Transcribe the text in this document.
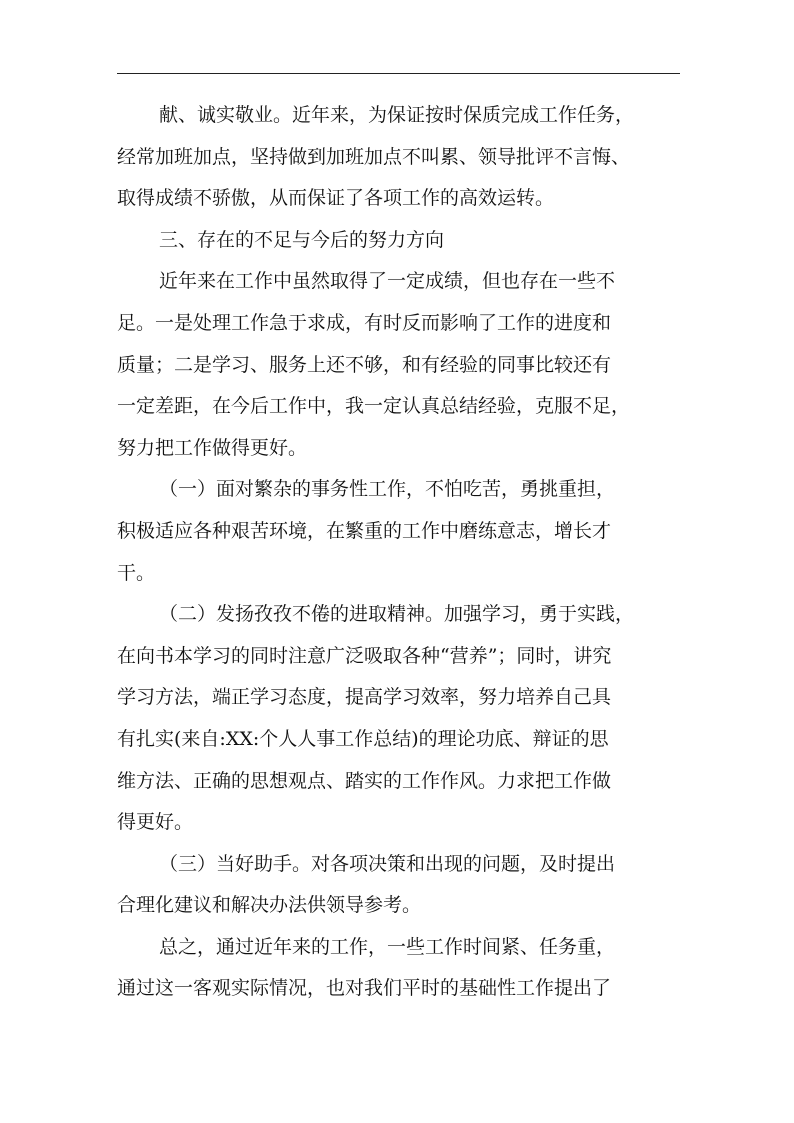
献、诚实敬业。近年来，为保证按时保质完成工作任务，
经常加班加点，坚持做到加班加点不叫累、领导批评不言悔、
取得成绩不骄傲，从而保证了各项工作的高效运转。
三、存在的不足与今后的努力方向
近年来在工作中虽然取得了一定成绩，但也存在一些不
足。一是处理工作急于求成，有时反而影响了工作的进度和
质量；二是学习、服务上还不够，和有经验的同事比较还有
一定差距，在今后工作中，我一定认真总结经验，克服不足，
努力把工作做得更好。
（一）面对繁杂的事务性工作，不怕吃苦，勇挑重担，
积极适应各种艰苦环境，在繁重的工作中磨练意志，增长才
干。
（二）发扬孜孜不倦的进取精神。加强学习，勇于实践，
在向书本学习的同时注意广泛吸取各种“营养”；同时，讲究
学习方法，端正学习态度，提高学习效率，努力培养自己具
有扎实(来自:XX:个人人事工作总结)的理论功底、辩证的思
维方法、正确的思想观点、踏实的工作作风。力求把工作做
得更好。
（三）当好助手。对各项决策和出现的问题，及时提出
合理化建议和解决办法供领导参考。
总之，通过近年来的工作，一些工作时间紧、任务重，
通过这一客观实际情况，也对我们平时的基础性工作提出了
